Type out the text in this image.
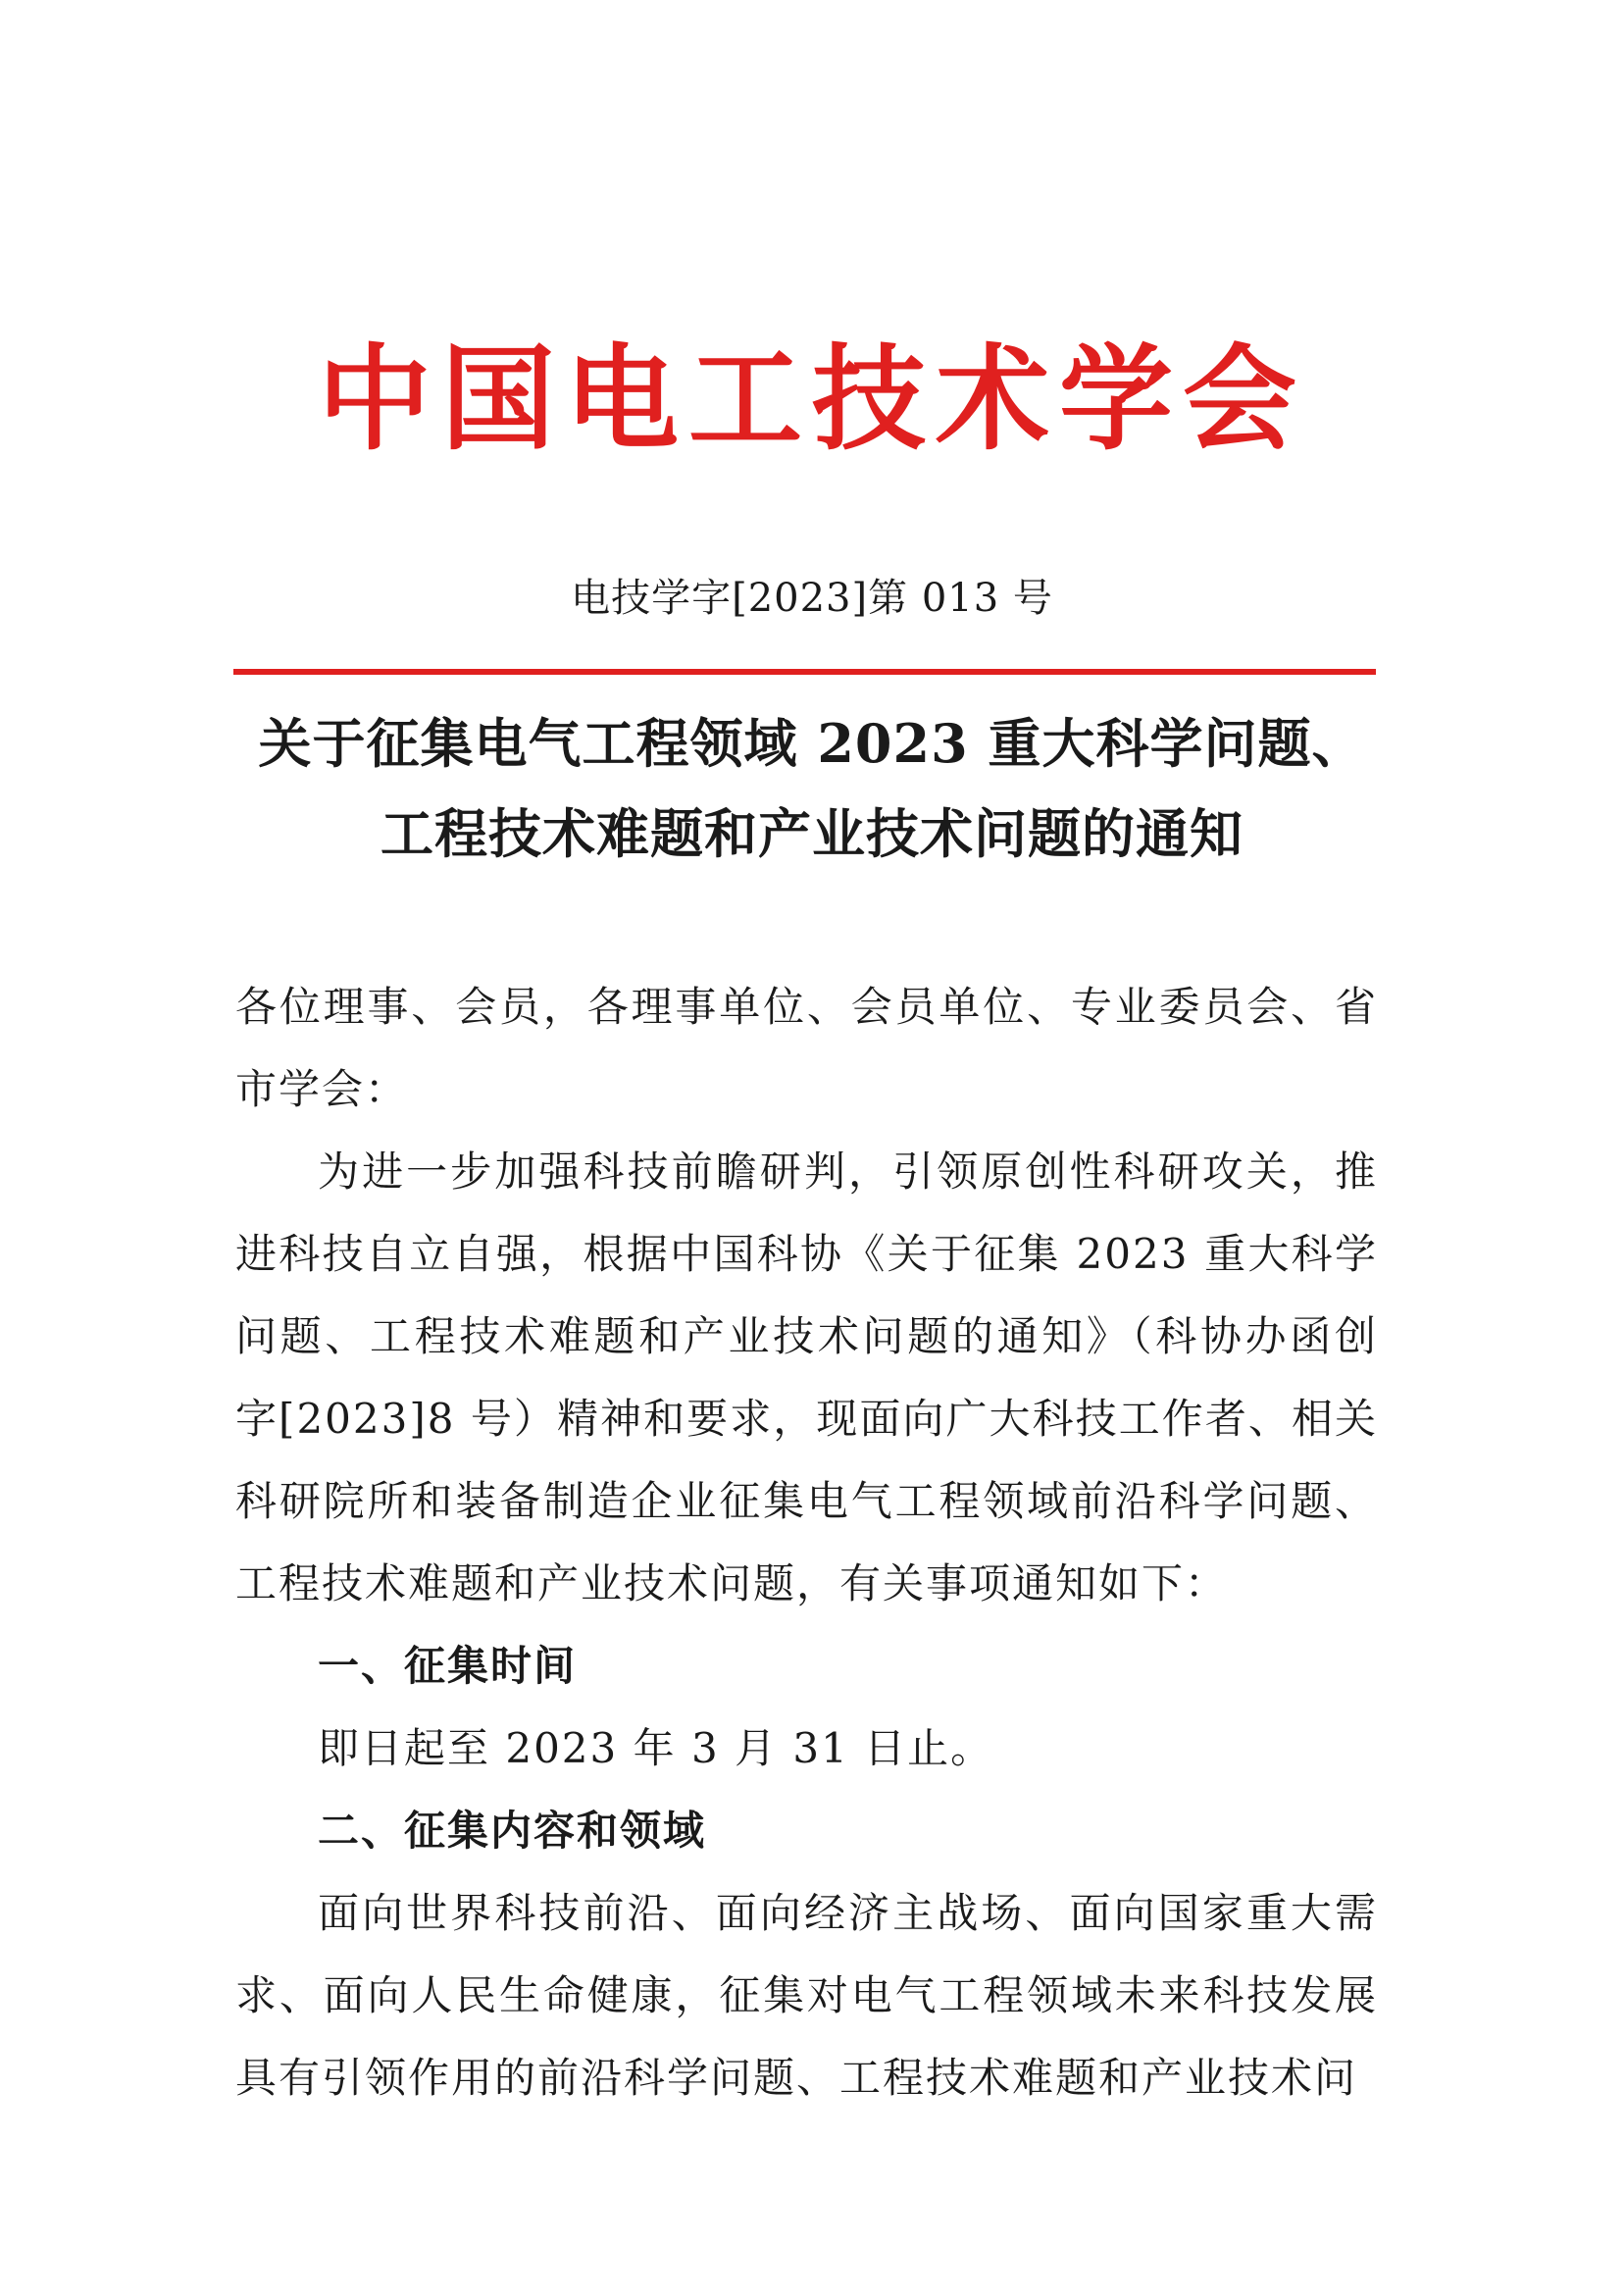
中国电工技术学会
电技学字[2023]第 013 号
关于征集电气工程领域 2023 重大科学问题、
工程技术难题和产业技术问题的通知

各位理事、会员，各理事单位、会员单位、专业委员会、省市学会：

为进一步加强科技前瞻研判，引领原创性科研攻关，推进科技自立自强，根据中国科协《关于征集 2023 重大科学问题、工程技术难题和产业技术问题的通知》（科协办函创字[2023]8 号）精神和要求，现面向广大科技工作者、相关科研院所和装备制造企业征集电气工程领域前沿科学问题、工程技术难题和产业技术问题，有关事项通知如下：

一、征集时间

即日起至 2023 年 3 月 31 日止。

二、征集内容和领域

面向世界科技前沿、面向经济主战场、面向国家重大需求、面向人民生命健康，征集对电气工程领域未来科技发展具有引领作用的前沿科学问题、工程技术难题和产业技术问
